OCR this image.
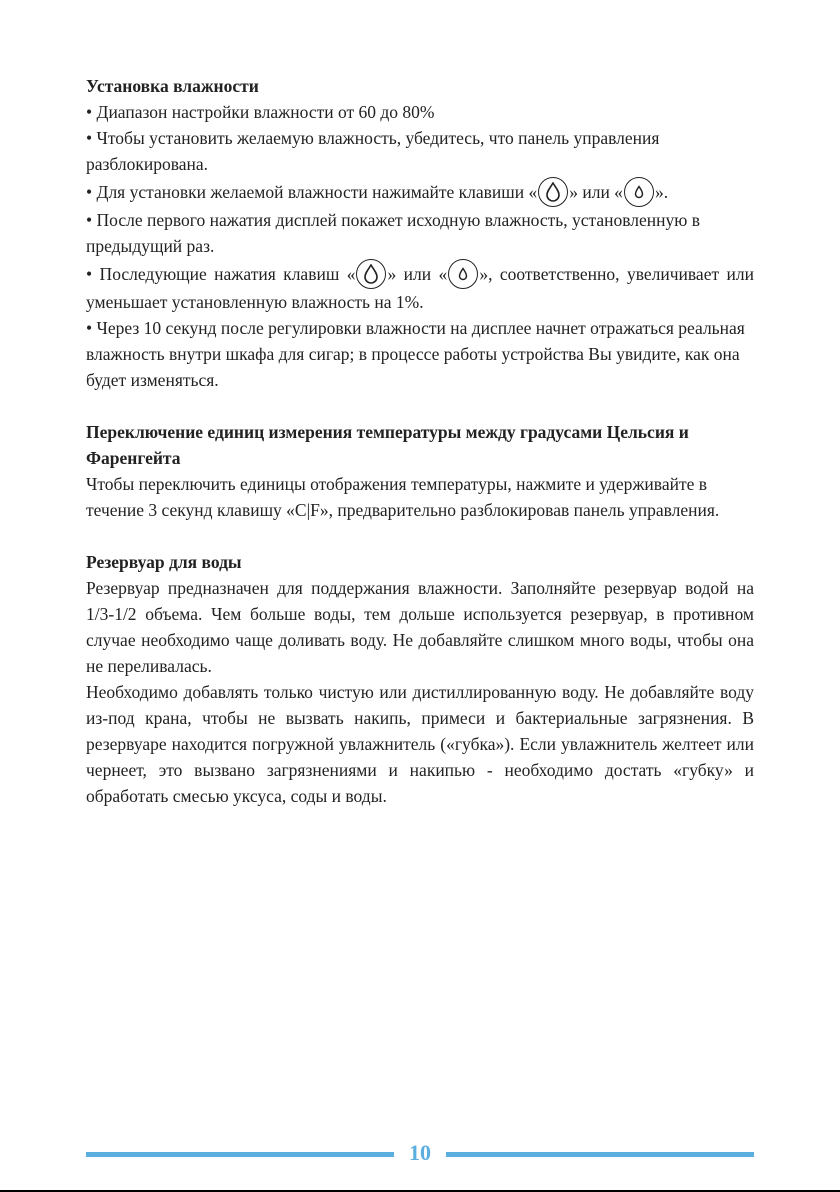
Установка влажности

• Диапазон настройки влажности от 60 до 80%

• Чтобы установить желаемую влажность, убедитесь, что панель управления разблокирована.

• Для установки желаемой влажности нажимайте клавиши « » или « ».

• После первого нажатия дисплей покажет исходную влажность, установленную в предыдущий раз.

• Последующие нажатия клавиш « » или « », соответственно, увеличивает или уменьшает установленную влажность на 1%.

• Через 10 секунд после регулировки влажности на дисплее начнет отражаться реальная влажность внутри шкафа для сигар; в процессе работы устройства Вы увидите, как она будет изменяться.

Переключение единиц измерения температуры между градусами Цельсия и Фаренгейта

Чтобы переключить единицы отображения температуры, нажмите и удерживайте в течение 3 секунд клавишу «C|F», предварительно разблокировав панель управления.

Резервуар для воды

Резервуар предназначен для поддержания влажности. Заполняйте резервуар водой на 1/3-1/2 объема. Чем больше воды, тем дольше используется резервуар, в противном случае необходимо чаще доливать воду. Не добавляйте слишком много воды, чтобы она не переливалась.

Необходимо добавлять только чистую или дистиллированную воду. Не добавляйте воду из-под крана, чтобы не вызвать накипь, примеси и бактериальные загрязнения. В резервуаре находится погружной увлажнитель («губка»). Если увлажнитель желтеет или чернеет, это вызвано загрязнениями и накипью - необходимо достать «губку» и обработать смесью уксуса, соды и воды.

10
